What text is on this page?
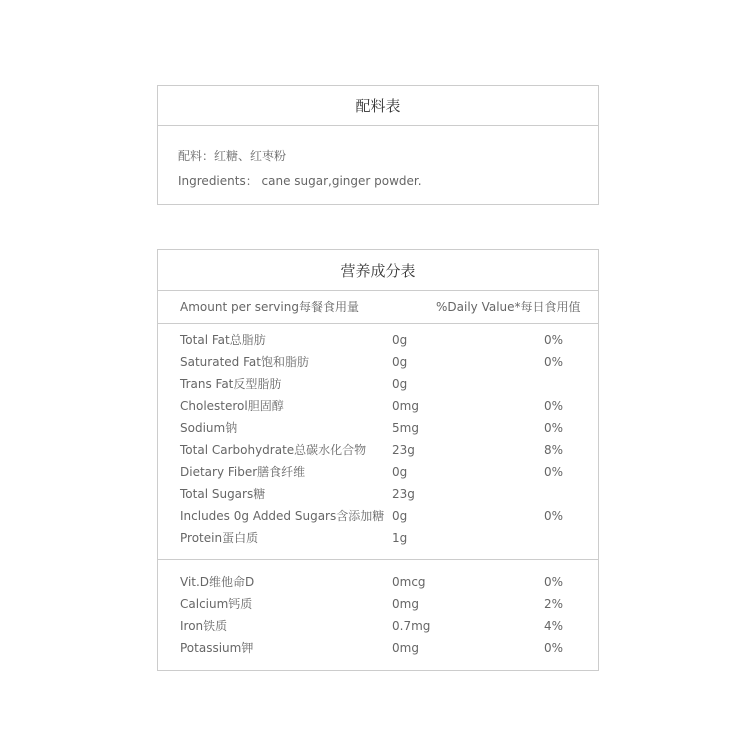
配料表
配料：红糖、红枣粉
Ingredients： cane sugar,ginger powder.
营养成分表
Amount per serving每餐食用量	%Daily Value*每日食用值
Total Fat总脂肪	0g	0%
Saturated Fat饱和脂肪	0g	0%
Trans Fat反型脂肪	0g
Cholesterol胆固醇	0mg	0%
Sodium钠	5mg	0%
Total Carbohydrate总碳水化合物 23g	8%
Dietary Fiber膳食纤维	0g	0%
Total Sugars糖	23g
Includes 0g Added Sugars含添加糖 0g	0%
Protein蛋白质	1g
Vit.D维他命D	0mcg	0%
Calcium钙质	0mg	2%
Iron铁质	0.7mg	4%
Potassium钾	0mg	0%
